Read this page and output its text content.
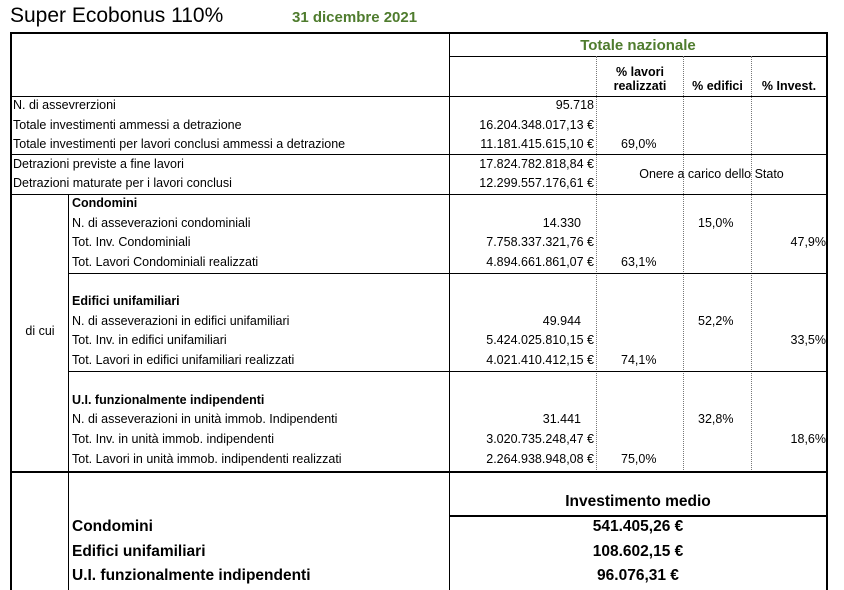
Super Ecobonus 110%	31 dicembre 2021
Totale nazionale
% lavori
realizzati	% edifici	% Invest.
N. di assevrerzioni	95.718
Totale investimenti ammessi a detrazione	16.204.348.017,13 €
Totale investimenti per lavori conclusi ammessi a detrazione	11.181.415.615,10 € 69,0%
Detrazioni previste a fine lavori	17.824.782.818,84 €
Detrazioni maturate per i lavori conclusi	12.299.557.176,61 €
Onere a carico dello Stato
di cui
Condomini
N. di asseverazioni condominiali	14.330	15,0%
Tot. Inv. Condominiali	7.758.337.321,76 €	47,9%
Tot. Lavori Condominiali realizzati	4.894.661.861,07 € 63,1%
Edifici unifamiliari
N. di asseverazioni in edifici unifamiliari	49.944	52,2%
Tot. Inv. in edifici unifamiliari	5.424.025.810,15 €	33,5%
Tot. Lavori in edifici unifamiliari realizzati	4.021.410.412,15 € 74,1%
U.I. funzionalmente indipendenti
N. di asseverazioni in unità immob. Indipendenti	31.441	32,8%
Tot. Inv. in unità immob. indipendenti	3.020.735.248,47 €	18,6%
Tot. Lavori in unità immob. indipendenti realizzati	2.264.938.948,08 € 75,0%
Investimento medio
Condomini	541.405,26 €
Edifici unifamiliari	108.602,15 €
U.I. funzionalmente indipendenti	96.076,31 €
